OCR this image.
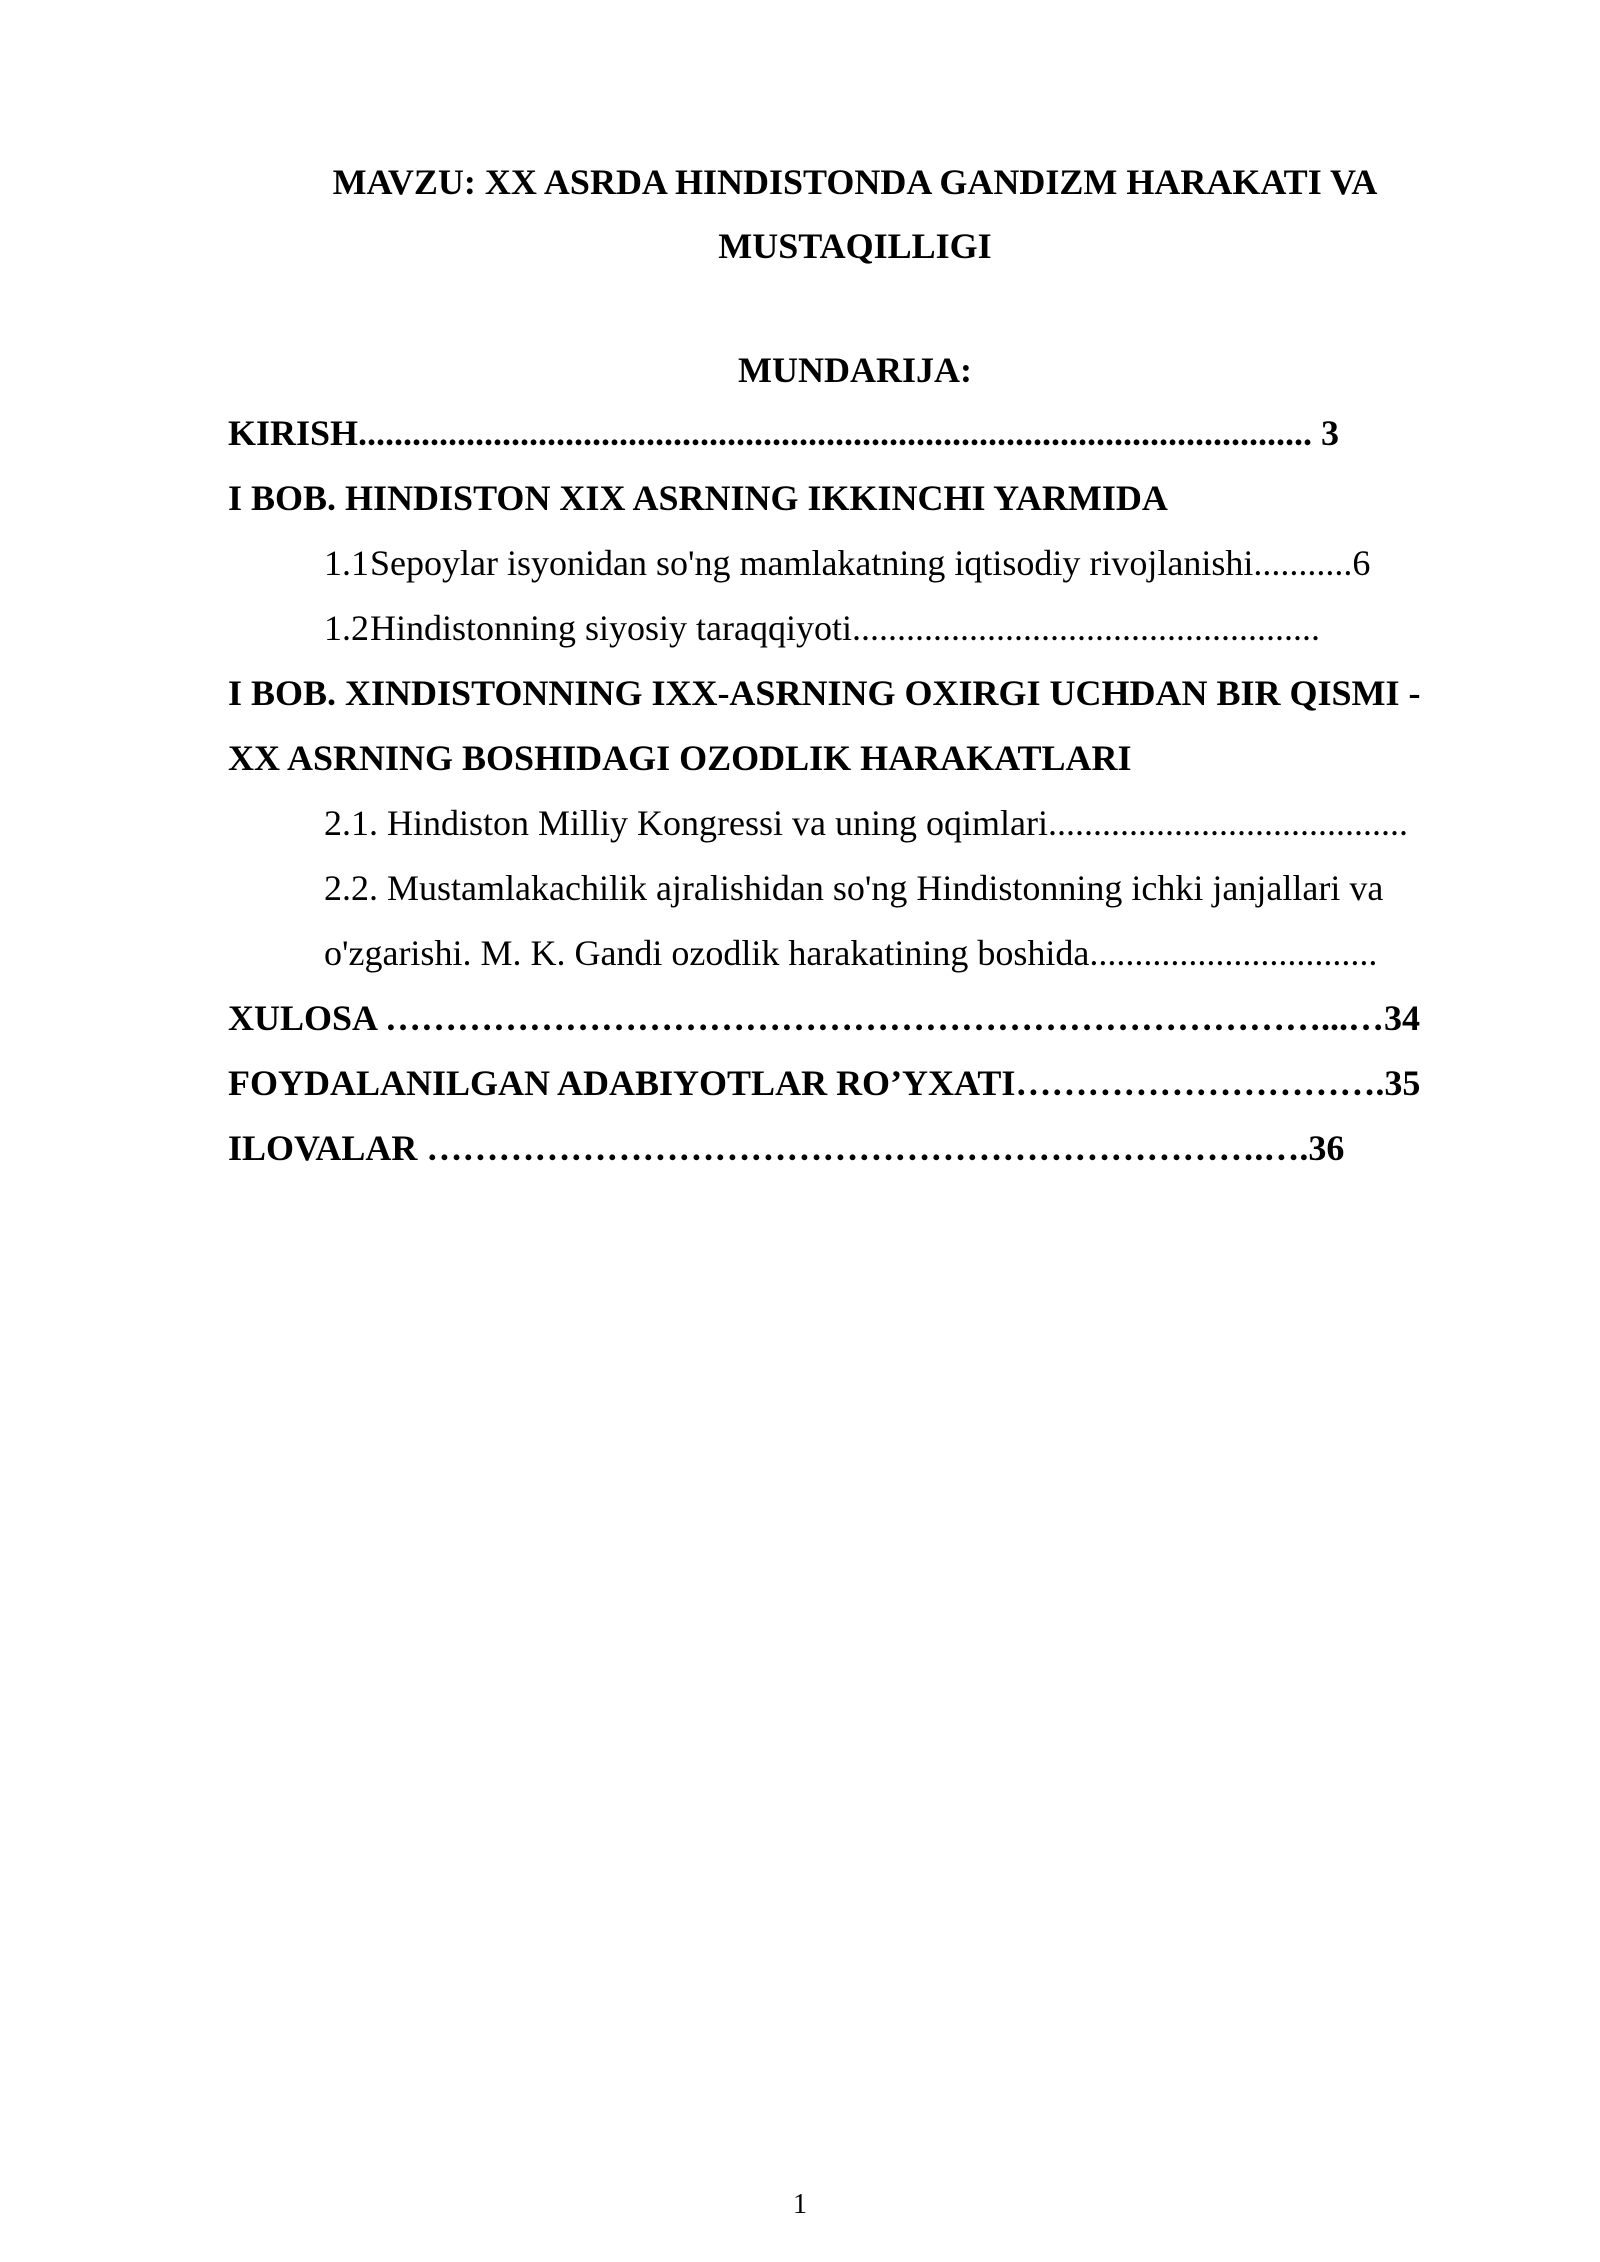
MAVZU: XX ASRDA HINDISTONDA GANDIZM HARAKATI VA
MUSTAQILLIGI
MUNDARIJA:
KIRISH.......................................................................................................... 3
I BOB. HINDISTON XIX ASRNING IKKINCHI YARMIDA
1.1Sepoylar isyonidan so'ng mamlakatning iqtisodiy rivojlanishi...........6
1.2Hindistonning siyosiy taraqqiyoti....................................................
I BOB. XINDISTONNING IXX-ASRNING OXIRGI UCHDAN BIR QISMI -
XX ASRNING BOSHIDAGI OZODLIK HARAKATLARI
2.1. Hindiston Milliy Kongressi va uning oqimlari........................................
2.2. Mustamlakachilik ajralishidan so'ng Hindistonning ichki janjallari va
o'zgarishi. M. K. Gandi ozodlik harakatining boshida................................
XULOSA ……………………………………………………………………...…34
FOYDALANILGAN ADABIYOTLAR RO’YXATI………………………….35
ILOVALAR …………………………………………………………….….36
1
